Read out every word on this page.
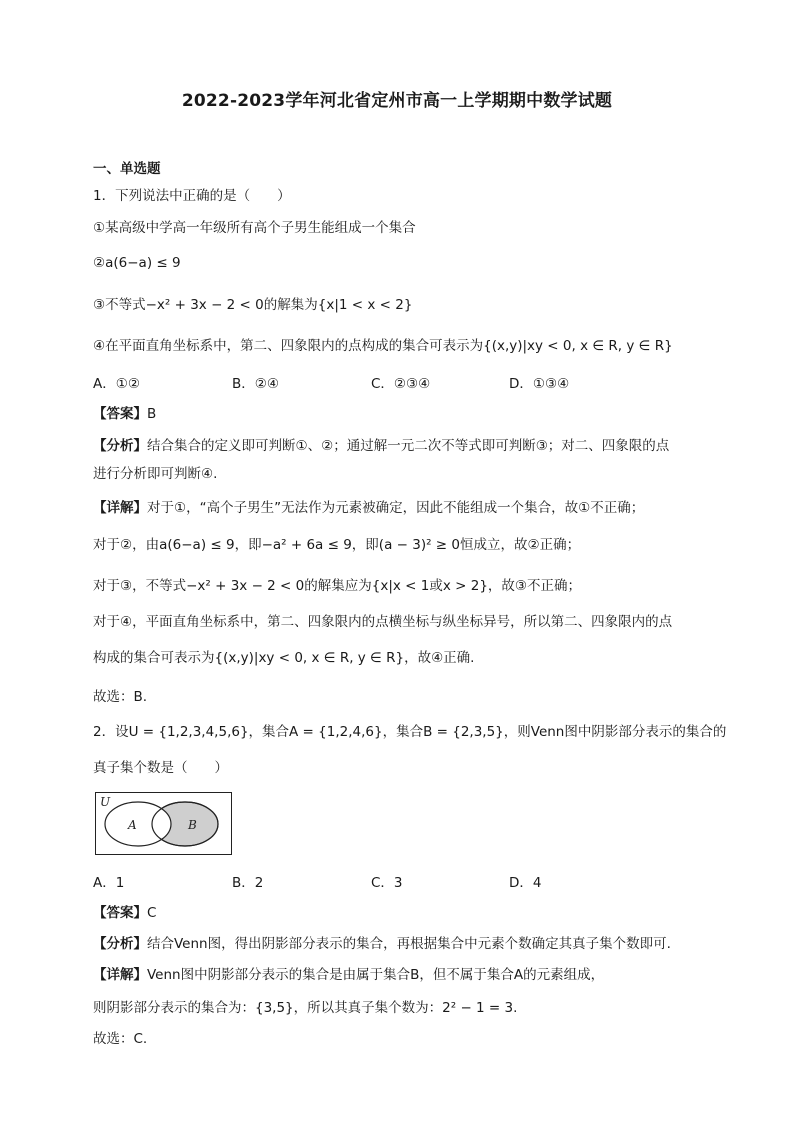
2022-2023学年河北省定州市高一上学期期中数学试题
一、单选题
1．下列说法中正确的是（　　）
①某高级中学高一年级所有高个子男生能组成一个集合
②a(6−a) ≤ 9
③不等式−x² + 3x − 2 < 0的解集为{x|1 < x < 2}
④在平面直角坐标系中，第二、四象限内的点构成的集合可表示为{(x,y)|xy < 0, x ∈ R, y ∈ R}
A．①②	B．②④	C．②③④	D．①③④
【答案】B
【分析】结合集合的定义即可判断①、②；通过解一元二次不等式即可判断③；对二、四象限的点
进行分析即可判断④.
【详解】对于①，“高个子男生”无法作为元素被确定，因此不能组成一个集合，故①不正确；
对于②，由a(6−a) ≤ 9，即−a² + 6a ≤ 9，即(a − 3)² ≥ 0恒成立，故②正确；
对于③，不等式−x² + 3x − 2 < 0的解集应为{x|x < 1或x > 2}，故③不正确；
对于④，平面直角坐标系中，第二、四象限内的点横坐标与纵坐标异号，所以第二、四象限内的点
构成的集合可表示为{(x,y)|xy < 0, x ∈ R, y ∈ R}，故④正确.
故选：B.
2．设U = {1,2,3,4,5,6}，集合A = {1,2,4,6}，集合B = {2,3,5}，则Venn图中阴影部分表示的集合的
真子集个数是（　　）
U
A	B
A．1	B．2	C．3	D．4
【答案】C
【分析】结合Venn图，得出阴影部分表示的集合，再根据集合中元素个数确定其真子集个数即可.
【详解】Venn图中阴影部分表示的集合是由属于集合B，但不属于集合A的元素组成，
则阴影部分表示的集合为：{3,5}，所以其真子集个数为：2² − 1 = 3.
故选：C.
